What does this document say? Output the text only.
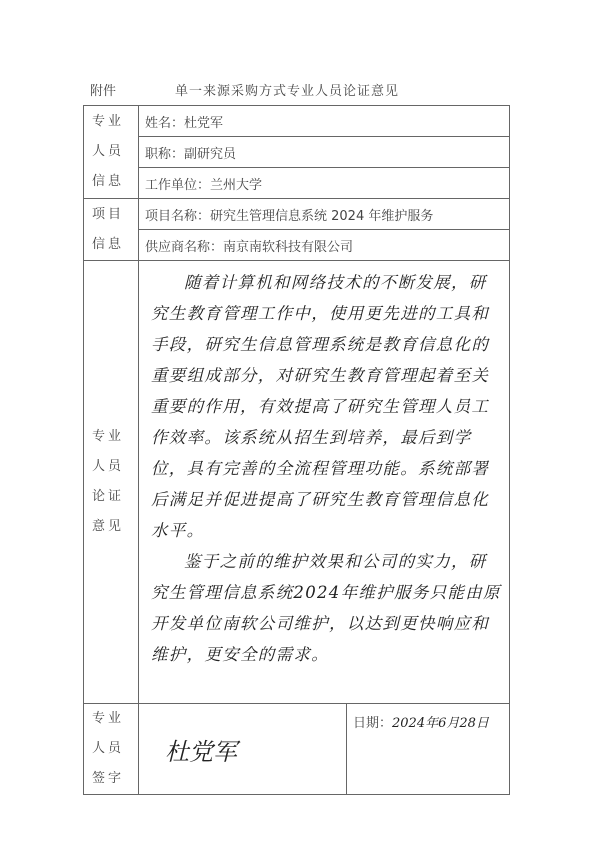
附件	单一来源采购方式专业人员论证意见
专业人员信息	姓名：杜党军	
	职称：副研究员	
	工作单位：兰州大学	
项目信息	项目名称：研究生管理信息系统 2024 年维护服务	
	供应商名称：南京南软科技有限公司	
专业人员论证意见	随着计算机和网络技术的不断发展，研究生教育管理工作中，使用更先进的工具和手段，研究生信息管理系统是教育信息化的重要组成部分，对研究生教育管理起着至关重要的作用，有效提高了研究生管理人员工作效率。该系统从招生到培养，最后到学位，具有完善的全流程管理功能。系统部署后满足并促进提高了研究生教育管理信息化水平。

鉴于之前的维护效果和公司的实力，研究生管理信息系统2024年维护服务只能由原开发单位南软公司维护，以达到更快响应和维护，更安全的需求。	

专业人员签字	杜党军	日期：2024年6月28日
